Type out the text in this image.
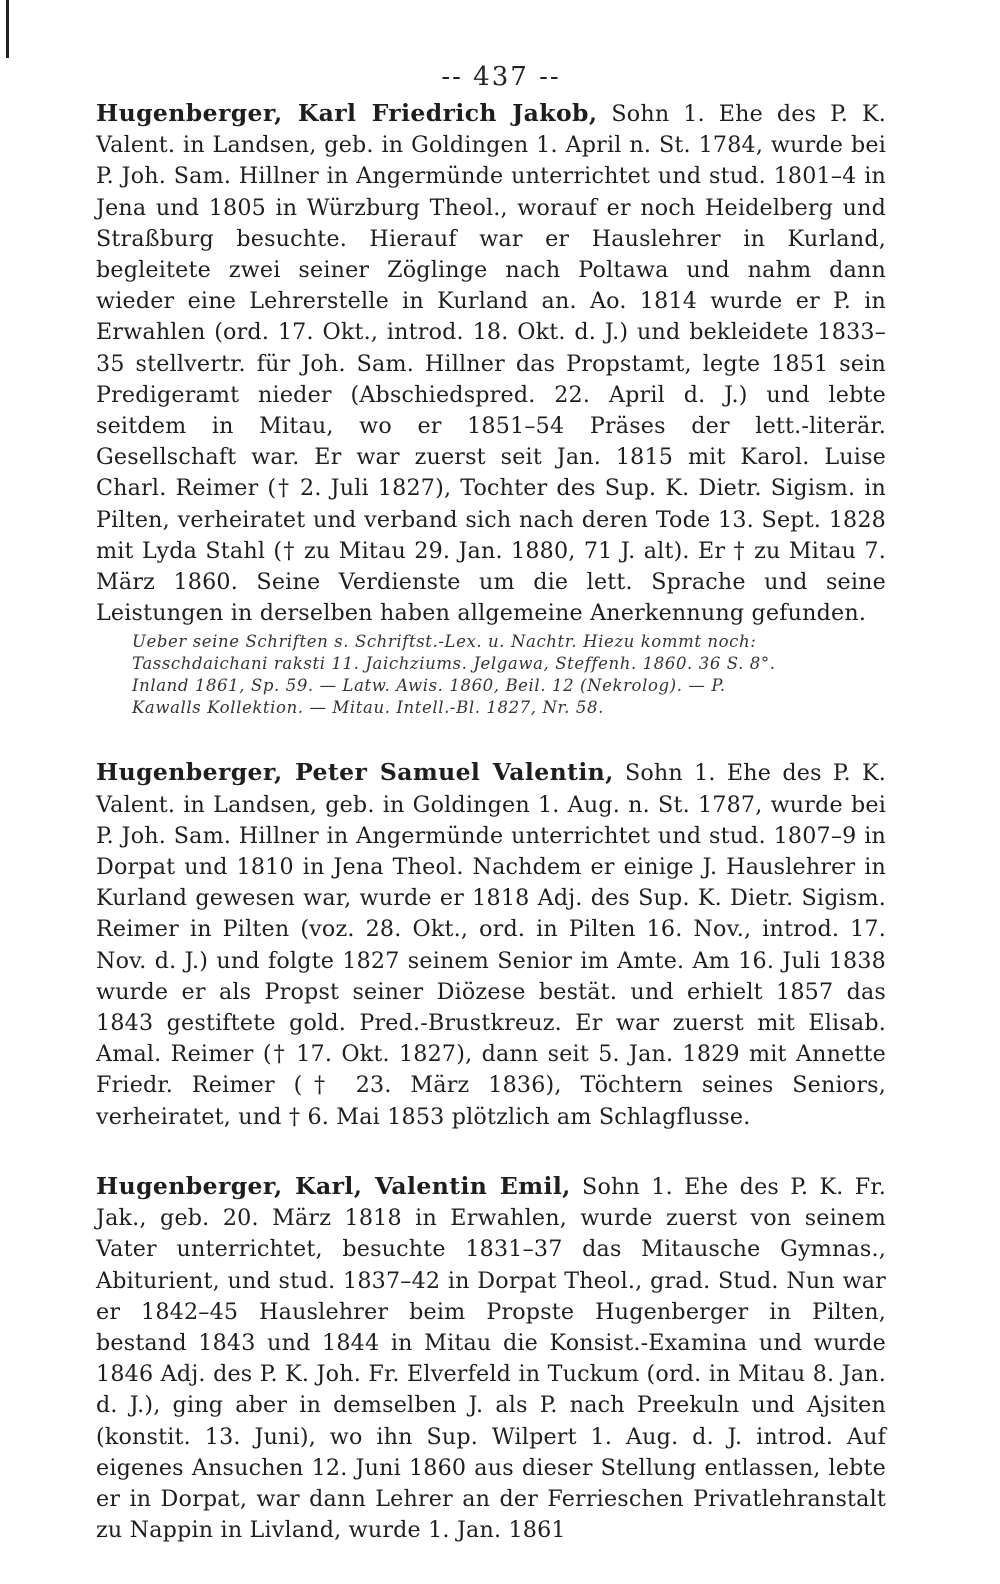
-- 437 --

Hugenberger, Karl Friedrich Jakob, Sohn 1. Ehe des P. K. Valent. in Landsen, geb. in Goldingen 1. April n. St. 1784, wurde bei P. Joh. Sam. Hillner in Angermünde unterrichtet und stud. 1801–4 in Jena und 1805 in Würzburg Theol., worauf er noch Heidelberg und Straßburg besuchte. Hierauf war er Hauslehrer in Kurland, begleitete zwei seiner Zöglinge nach Poltawa und nahm dann wieder eine Lehrerstelle in Kurland an. Ao. 1814 wurde er P. in Erwahlen (ord. 17. Okt., introd. 18. Okt. d. J.) und bekleidete 1833–35 stellvertr. für Joh. Sam. Hillner das Propstamt, legte 1851 sein Predigeramt nieder (Abschiedspred. 22. April d. J.) und lebte seitdem in Mitau, wo er 1851–54 Präses der lett.-literär. Gesellschaft war. Er war zuerst seit Jan. 1815 mit Karol. Luise Charl. Reimer († 2. Juli 1827), Tochter des Sup. K. Dietr. Sigism. in Pilten, verheiratet und verband sich nach deren Tode 13. Sept. 1828 mit Lyda Stahl († zu Mitau 29. Jan. 1880, 71 J. alt). Er † zu Mitau 7. März 1860. Seine Verdienste um die lett. Sprache und seine Leistungen in derselben haben allgemeine Anerkennung gefunden.

Ueber seine Schriften s. Schriftst.-Lex. u. Nachtr. Hiezu kommt noch:

Tasschdaichani raksti 11. Jaichziums. Jelgawa, Steffenh. 1860. 36 S. 8°.

Inland 1861, Sp. 59. — Latw. Awis. 1860, Beil. 12 (Nekrolog). — P.

Kawalls Kollektion. — Mitau. Intell.-Bl. 1827, Nr. 58.

Hugenberger, Peter Samuel Valentin, Sohn 1. Ehe des P. K. Valent. in Landsen, geb. in Goldingen 1. Aug. n. St. 1787, wurde bei P. Joh. Sam. Hillner in Angermünde unterrichtet und stud. 1807–9 in Dorpat und 1810 in Jena Theol. Nachdem er einige J. Hauslehrer in Kurland gewesen war, wurde er 1818 Adj. des Sup. K. Dietr. Sigism. Reimer in Pilten (voz. 28. Okt., ord. in Pilten 16. Nov., introd. 17. Nov. d. J.) und folgte 1827 seinem Senior im Amte. Am 16. Juli 1838 wurde er als Propst seiner Diözese bestät. und erhielt 1857 das 1843 gestiftete gold. Pred.-Brustkreuz. Er war zuerst mit Elisab. Amal. Reimer († 17. Okt. 1827), dann seit 5. Jan. 1829 mit Annette Friedr. Reimer († 23. März 1836), Töchtern seines Seniors, verheiratet, und † 6. Mai 1853 plötzlich am Schlagflusse.

Hugenberger, Karl, Valentin Emil, Sohn 1. Ehe des P. K. Fr. Jak., geb. 20. März 1818 in Erwahlen, wurde zuerst von seinem Vater unterrichtet, besuchte 1831–37 das Mitausche Gymnas., Abiturient, und stud. 1837–42 in Dorpat Theol., grad. Stud. Nun war er 1842–45 Hauslehrer beim Propste Hugenberger in Pilten, bestand 1843 und 1844 in Mitau die Konsist.-Examina und wurde 1846 Adj. des P. K. Joh. Fr. Elverfeld in Tuckum (ord. in Mitau 8. Jan. d. J.), ging aber in demselben J. als P. nach Preekuln und Ajsiten (konstit. 13. Juni), wo ihn Sup. Wilpert 1. Aug. d. J. introd. Auf eigenes Ansuchen 12. Juni 1860 aus dieser Stellung entlassen, lebte er in Dorpat, war dann Lehrer an der Ferrieschen Privatlehranstalt zu Nappin in Livland, wurde 1. Jan. 1861
